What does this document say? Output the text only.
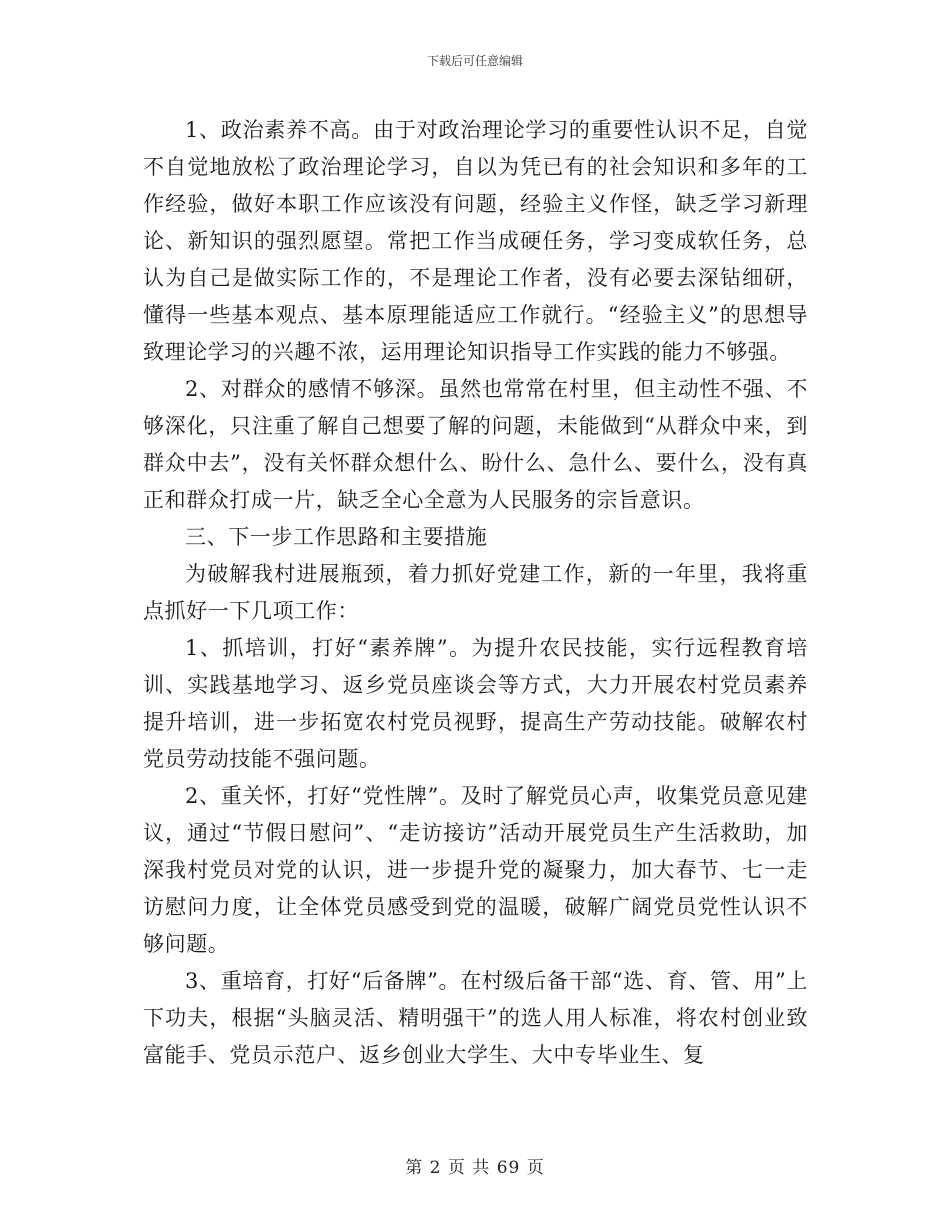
下载后可任意编辑

1、政治素养不高。由于对政治理论学习的重要性认识不足，自觉不自觉地放松了政治理论学习，自以为凭已有的社会知识和多年的工作经验，做好本职工作应该没有问题，经验主义作怪，缺乏学习新理论、新知识的强烈愿望。常把工作当成硬任务，学习变成软任务，总认为自己是做实际工作的，不是理论工作者，没有必要去深钻细研，懂得一些基本观点、基本原理能适应工作就行。“经验主义”的思想导致理论学习的兴趣不浓，运用理论知识指导工作实践的能力不够强。

2、对群众的感情不够深。虽然也常常在村里，但主动性不强、不够深化，只注重了解自己想要了解的问题，未能做到“从群众中来，到群众中去”，没有关怀群众想什么、盼什么、急什么、要什么，没有真正和群众打成一片，缺乏全心全意为人民服务的宗旨意识。

三、下一步工作思路和主要措施

为破解我村进展瓶颈，着力抓好党建工作，新的一年里，我将重点抓好一下几项工作：

1、抓培训，打好“素养牌”。为提升农民技能，实行远程教育培训、实践基地学习、返乡党员座谈会等方式，大力开展农村党员素养提升培训，进一步拓宽农村党员视野，提高生产劳动技能。破解农村党员劳动技能不强问题。

2、重关怀，打好“党性牌”。及时了解党员心声，收集党员意见建议，通过“节假日慰问”、“走访接访”活动开展党员生产生活救助，加深我村党员对党的认识，进一步提升党的凝聚力，加大春节、七一走访慰问力度，让全体党员感受到党的温暖，破解广阔党员党性认识不够问题。

3、重培育，打好“后备牌”。在村级后备干部“选、育、管、用”上下功夫，根据“头脑灵活、精明强干”的选人用人标准，将农村创业致富能手、党员示范户、返乡创业大学生、大中专毕业生、复

第 2 页 共 69 页
